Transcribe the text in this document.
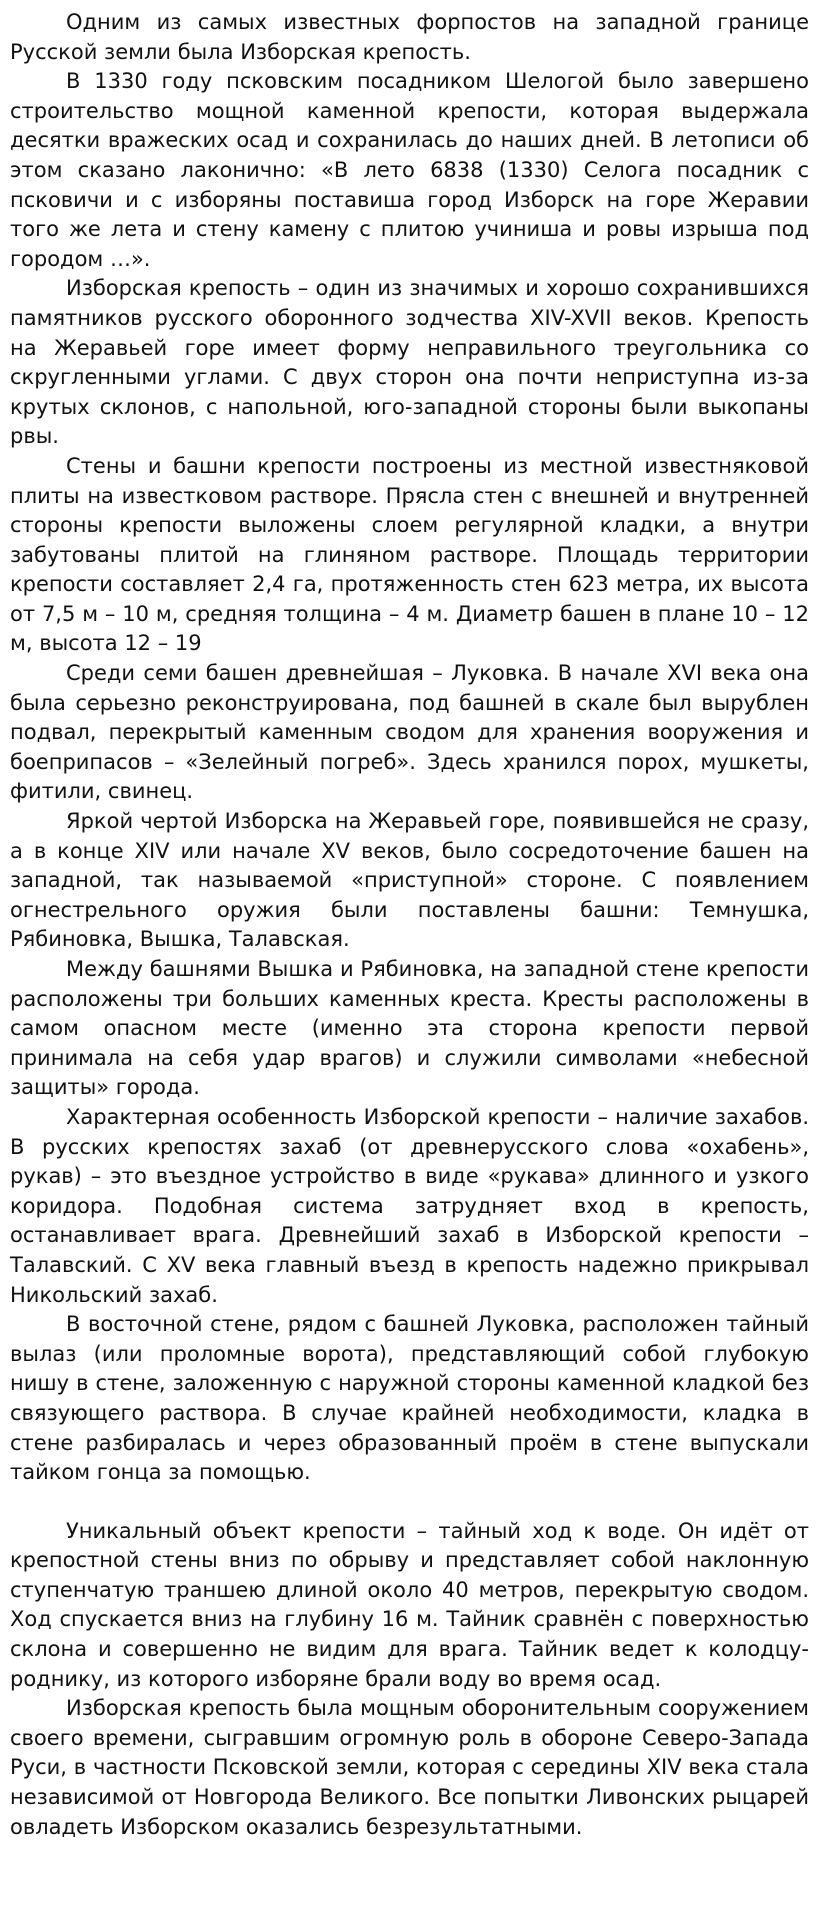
Одним из самых известных форпостов на западной границе Русской земли была Изборская крепость.

В 1330 году псковским посадником Шелогой было завершено строительство мощной каменной крепости, которая выдержала десятки вражеских осад и сохранилась до наших дней. В летописи об этом сказано лаконично: «В лето 6838 (1330) Селога посадник с псковичи и с изборяны поставиша город Изборск на горе Жеравии того же лета и стену камену с плитою учиниша и ровы изрыша под городом …».

Изборская крепость – один из значимых и хорошо сохранившихся памятников русского оборонного зодчества XIV-XVII веков. Крепость на Жеравьей горе имеет форму неправильного треугольника со скругленными углами. С двух сторон она почти неприступна из-за крутых склонов, с напольной, юго-западной стороны были выкопаны рвы.

Стены и башни крепости построены из местной известняковой плиты на известковом растворе. Прясла стен с внешней и внутренней стороны крепости выложены слоем регулярной кладки, а внутри забутованы плитой на глиняном растворе. Площадь территории крепости составляет 2,4 га, протяженность стен 623 метра, их высота от 7,5 м – 10 м, средняя толщина – 4 м. Диаметр башен в плане 10 – 12 м, высота 12 – 19

Среди семи башен древнейшая – Луковка. В начале XVI века она была серьезно реконструирована, под башней в скале был вырублен подвал, перекрытый каменным сводом для хранения вооружения и боеприпасов – «Зелейный погреб». Здесь хранился порох, мушкеты, фитили, свинец.

Яркой чертой Изборска на Жеравьей горе, появившейся не сразу, а в конце XIV или начале XV веков, было сосредоточение башен на западной, так называемой «приступной» стороне. С появлением огнестрельного оружия были поставлены башни: Темнушка, Рябиновка, Вышка, Талавская.

Между башнями Вышка и Рябиновка, на западной стене крепости расположены три больших каменных креста. Кресты расположены в самом опасном месте (именно эта сторона крепости первой принимала на себя удар врагов) и служили символами «небесной защиты» города.

Характерная особенность Изборской крепости – наличие захабов. В русских крепостях захаб (от древнерусского слова «охабень», рукав) – это въездное устройство в виде «рукава» длинного и узкого коридора. Подобная система затрудняет вход в крепость, останавливает врага. Древнейший захаб в Изборской крепости – Талавский. С XV века главный въезд в крепость надежно прикрывал Никольский захаб.

В восточной стене, рядом с башней Луковка, расположен тайный вылаз (или проломные ворота), представляющий собой глубокую нишу в стене, заложенную с наружной стороны каменной кладкой без связующего раствора. В случае крайней необходимости, кладка в стене разбиралась и через образованный проём в стене выпускали тайком гонца за помощью.

Уникальный объект крепости – тайный ход к воде. Он идёт от крепостной стены вниз по обрыву и представляет собой наклонную ступенчатую траншею длиной около 40 метров, перекрытую сводом. Ход спускается вниз на глубину 16 м. Тайник сравнён с поверхностью склона и совершенно не видим для врага. Тайник ведет к колодцу-роднику, из которого изборяне брали воду во время осад.

Изборская крепость была мощным оборонительным сооружением своего времени, сыгравшим огромную роль в обороне Северо-Запада Руси, в частности Псковской земли, которая с середины XIV века стала независимой от Новгорода Великого. Все попытки Ливонских рыцарей овладеть Изборском оказались безрезультатными.
